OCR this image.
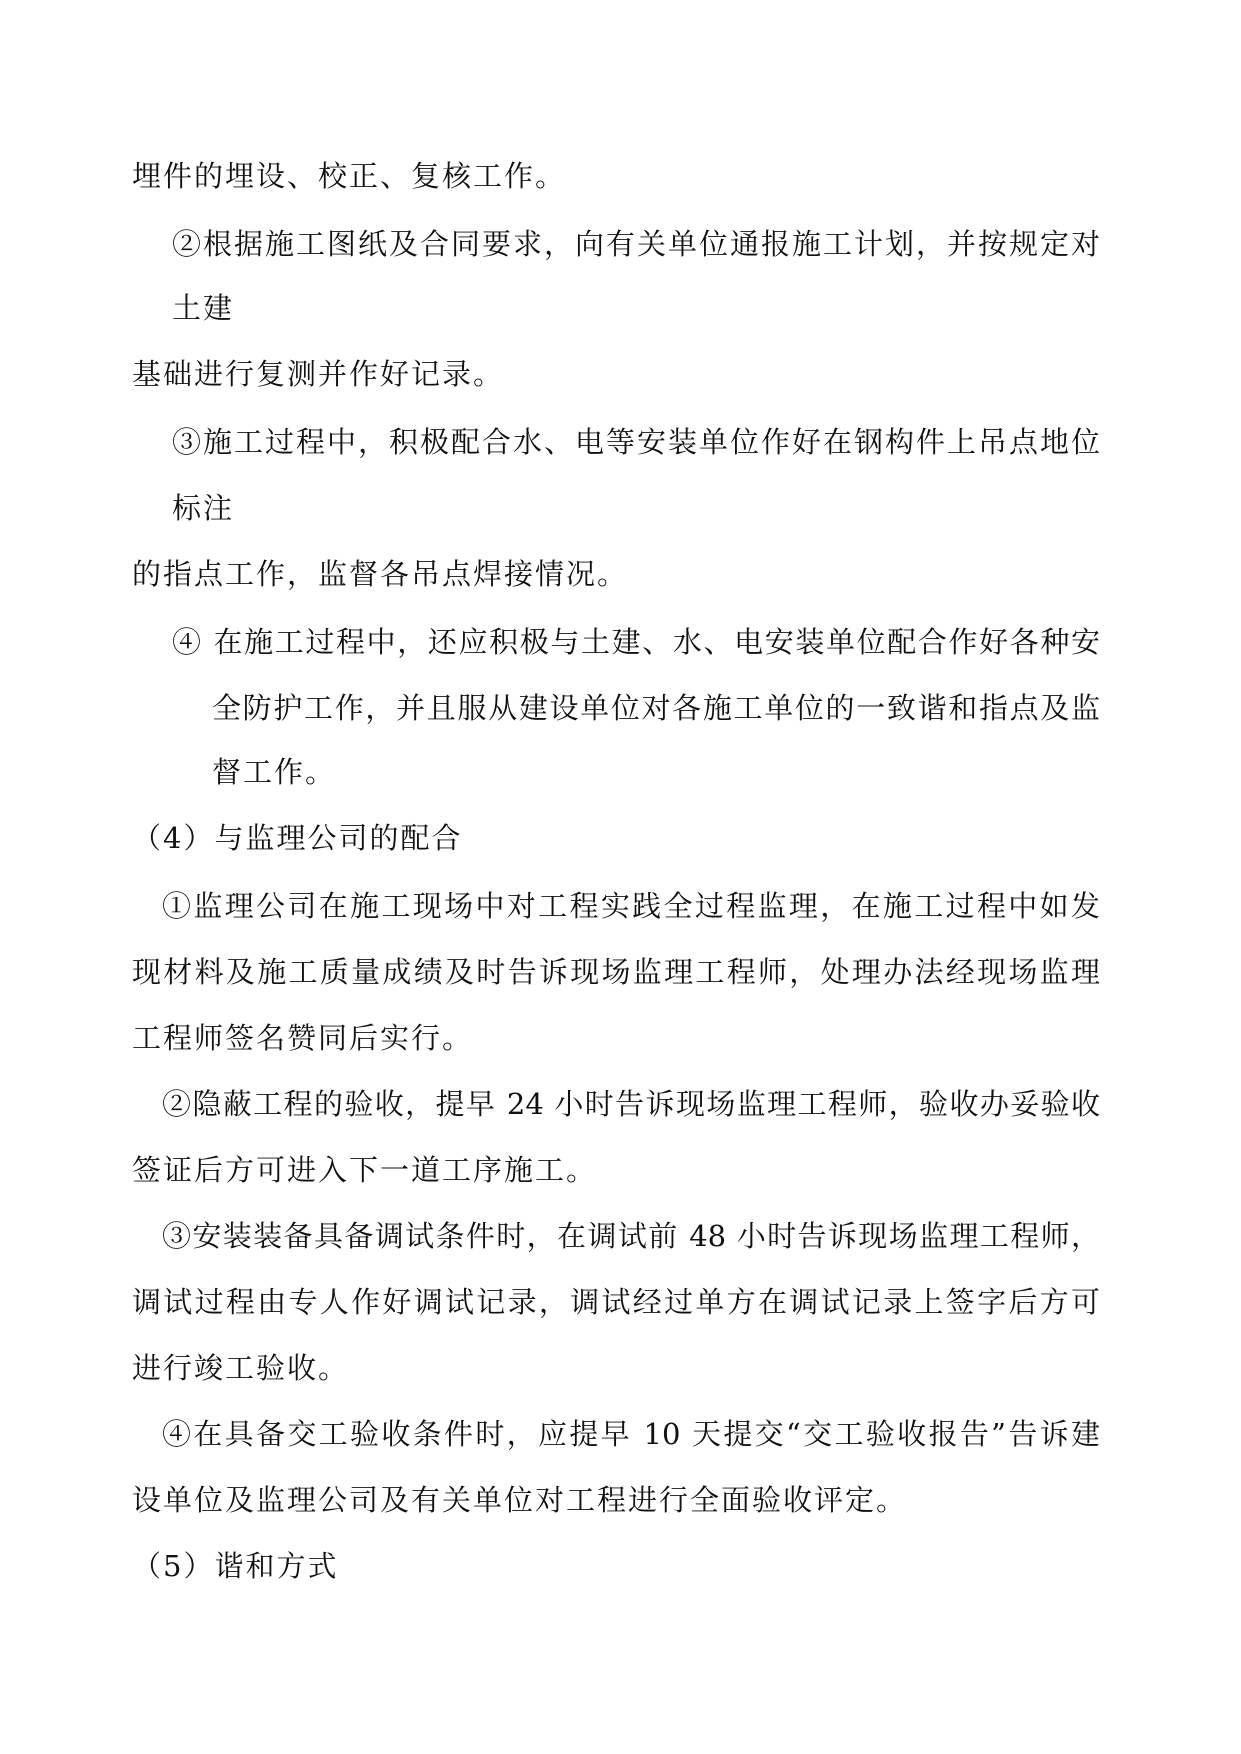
埋件的埋设、校正、复核工作。
②根据施工图纸及合同要求，向有关单位通报施工计划，并按规定对
土建
基础进行复测并作好记录。
③施工过程中，积极配合水、电等安装单位作好在钢构件上吊点地位
标注
的指点工作，监督各吊点焊接情况。
④ 在施工过程中，还应积极与土建、水、电安装单位配合作好各种安
全防护工作，并且服从建设单位对各施工单位的一致谐和指点及监
督工作。
（4）与监理公司的配合
①监理公司在施工现场中对工程实践全过程监理，在施工过程中如发
现材料及施工质量成绩及时告诉现场监理工程师，处理办法经现场监理
工程师签名赞同后实行。
②隐蔽工程的验收，提早 24 小时告诉现场监理工程师，验收办妥验收
签证后方可进入下一道工序施工。
③安装装备具备调试条件时，在调试前 48 小时告诉现场监理工程师，
调试过程由专人作好调试记录，调试经过单方在调试记录上签字后方可
进行竣工验收。
④在具备交工验收条件时，应提早 10 天提交“交工验收报告”告诉建
设单位及监理公司及有关单位对工程进行全面验收评定。
（5）谐和方式
